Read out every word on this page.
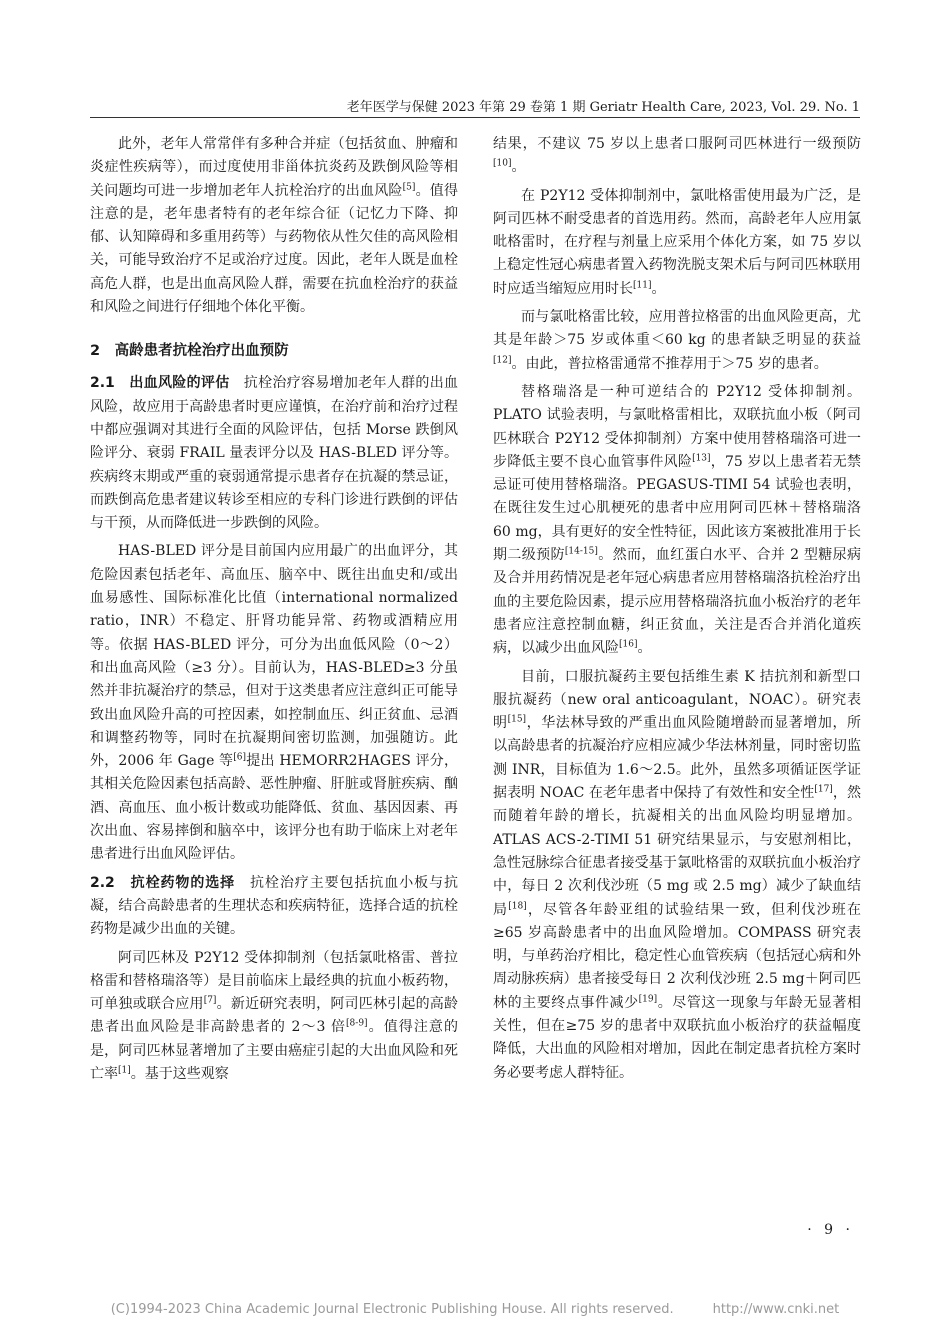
老年医学与保健 2023 年第 29 卷第 1 期 Geriatr Health Care, 2023, Vol. 29. No. 1

此外，老年人常常伴有多种合并症（包括贫血、肿瘤和炎症性疾病等），而过度使用非甾体抗炎药及跌倒风险等相关问题均可进一步增加老年人抗栓治疗的出血风险[5]。值得注意的是，老年患者特有的老年综合征（记忆力下降、抑郁、认知障碍和多重用药等）与药物依从性欠佳的高风险相关，可能导致治疗不足或治疗过度。因此，老年人既是血栓高危人群，也是出血高风险人群，需要在抗血栓治疗的获益和风险之间进行仔细地个体化平衡。

2　高龄患者抗栓治疗出血预防

2.1　出血风险的评估　抗栓治疗容易增加老年人群的出血风险，故应用于高龄患者时更应谨慎，在治疗前和治疗过程中都应强调对其进行全面的风险评估，包括 Morse 跌倒风险评分、衰弱 FRAIL 量表评分以及 HAS-BLED 评分等。疾病终末期或严重的衰弱通常提示患者存在抗凝的禁忌证，而跌倒高危患者建议转诊至相应的专科门诊进行跌倒的评估与干预，从而降低进一步跌倒的风险。

HAS-BLED 评分是目前国内应用最广的出血评分，其危险因素包括老年、高血压、脑卒中、既往出血史和/或出血易感性、国际标准化比值（international normalized ratio，INR）不稳定、肝肾功能异常、药物或酒精应用等。依据 HAS-BLED 评分，可分为出血低风险（0～2）和出血高风险（≥3 分）。目前认为，HAS-BLED≥3 分虽然并非抗凝治疗的禁忌，但对于这类患者应注意纠正可能导致出血风险升高的可控因素，如控制血压、纠正贫血、忌酒和调整药物等，同时在抗凝期间密切监测，加强随访。此外，2006 年 Gage 等[6]提出 HEMORR2HAGES 评分，其相关危险因素包括高龄、恶性肿瘤、肝脏或肾脏疾病、酗酒、高血压、血小板计数或功能降低、贫血、基因因素、再次出血、容易摔倒和脑卒中，该评分也有助于临床上对老年患者进行出血风险评估。

2.2　抗栓药物的选择　抗栓治疗主要包括抗血小板与抗凝，结合高龄患者的生理状态和疾病特征，选择合适的抗栓药物是减少出血的关键。

阿司匹林及 P2Y12 受体抑制剂（包括氯吡格雷、普拉格雷和替格瑞洛等）是目前临床上最经典的抗血小板药物，可单独或联合应用[7]。新近研究表明，阿司匹林引起的高龄患者出血风险是非高龄患者的 2～3 倍[8-9]。值得注意的是，阿司匹林显著增加了主要由癌症引起的大出血风险和死亡率[1]。基于这些观察

结果，不建议 75 岁以上患者口服阿司匹林进行一级预防[10]。

在 P2Y12 受体抑制剂中，氯吡格雷使用最为广泛，是阿司匹林不耐受患者的首选用药。然而，高龄老年人应用氯吡格雷时，在疗程与剂量上应采用个体化方案，如 75 岁以上稳定性冠心病患者置入药物洗脱支架术后与阿司匹林联用时应适当缩短应用时长[11]。

而与氯吡格雷比较，应用普拉格雷的出血风险更高，尤其是年龄＞75 岁或体重＜60 kg 的患者缺乏明显的获益[12]。由此，普拉格雷通常不推荐用于＞75 岁的患者。

替格瑞洛是一种可逆结合的 P2Y12 受体抑制剂。PLATO 试验表明，与氯吡格雷相比，双联抗血小板（阿司匹林联合 P2Y12 受体抑制剂）方案中使用替格瑞洛可进一步降低主要不良心血管事件风险[13]，75 岁以上患者若无禁忌证可使用替格瑞洛。PEGASUS-TIMI 54 试验也表明，在既往发生过心肌梗死的患者中应用阿司匹林＋替格瑞洛 60 mg，具有更好的安全性特征，因此该方案被批准用于长期二级预防[14-15]。然而，血红蛋白水平、合并 2 型糖尿病及合并用药情况是老年冠心病患者应用替格瑞洛抗栓治疗出血的主要危险因素，提示应用替格瑞洛抗血小板治疗的老年患者应注意控制血糖，纠正贫血，关注是否合并消化道疾病，以减少出血风险[16]。

目前，口服抗凝药主要包括维生素 K 拮抗剂和新型口服抗凝药（new oral anticoagulant，NOAC）。研究表明[15]，华法林导致的严重出血风险随增龄而显著增加，所以高龄患者的抗凝治疗应相应减少华法林剂量，同时密切监测 INR，目标值为 1.6～2.5。此外，虽然多项循证医学证据表明 NOAC 在老年患者中保持了有效性和安全性[17]，然而随着年龄的增长，抗凝相关的出血风险均明显增加。ATLAS ACS-2-TIMI 51 研究结果显示，与安慰剂相比，急性冠脉综合征患者接受基于氯吡格雷的双联抗血小板治疗中，每日 2 次利伐沙班（5 mg 或 2.5 mg）减少了缺血结局[18]，尽管各年龄亚组的试验结果一致，但利伐沙班在≥65 岁高龄患者中的出血风险增加。COMPASS 研究表明，与单药治疗相比，稳定性心血管疾病（包括冠心病和外周动脉疾病）患者接受每日 2 次利伐沙班 2.5 mg＋阿司匹林的主要终点事件减少[19]。尽管这一现象与年龄无显著相关性，但在≥75 岁的患者中双联抗血小板治疗的获益幅度降低，大出血的风险相对增加，因此在制定患者抗栓方案时务必要考虑人群特征。

· 9 ·
(C)1994-2023 China Academic Journal Electronic Publishing House. All rights reserved.　　　http://www.cnki.net
